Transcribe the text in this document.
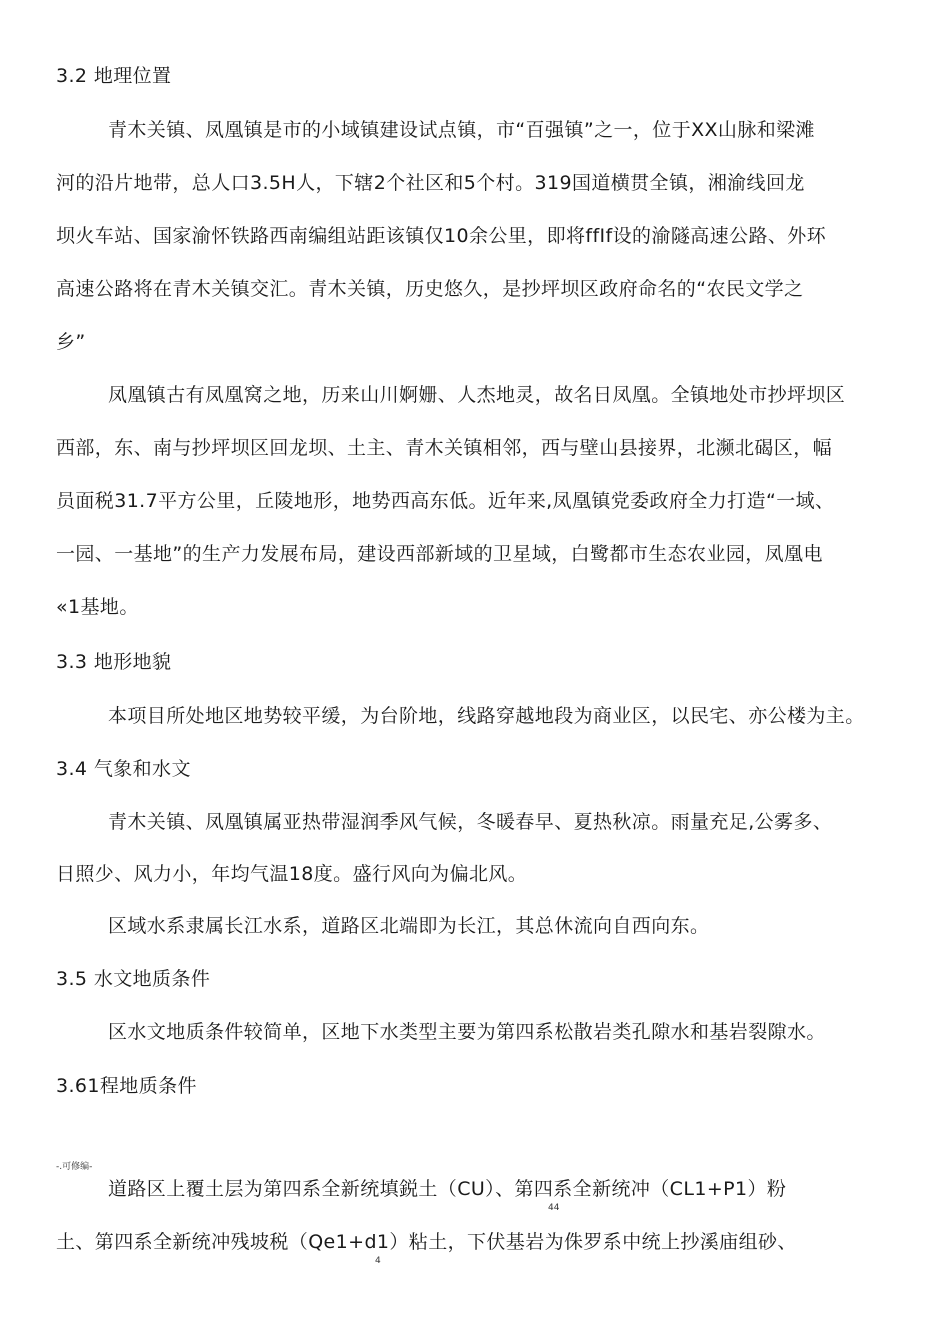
3.2 地理位置
青木关镇、凤凰镇是市的小域镇建设试点镇，市“百强镇”之一，位于XX山脉和梁滩
河的沿片地带，总人口3.5H人，下辖2个社区和5个村。319国道横贯全镇，湘渝线回龙
坝火车站、国家渝怀铁路西南编组站距该镇仅10余公里，即将ffIf设的渝隧高速公路、外环
高速公路将在青木关镇交汇。青木关镇，历史悠久，是抄坪坝区政府命名的“农民文学之
乡”
凤凰镇古有凤凰窝之地，历来山川婀姗、人杰地灵，故名日凤凰。全镇地处市抄坪坝区
西部，东、南与抄坪坝区回龙坝、土主、青木关镇相邻，西与壁山县接界，北濒北碣区，幅
员面税31.7平方公里，丘陵地形，地势西高东低。近年来,凤凰镇党委政府全力打造“一域、
一园、一基地”的生产力发展布局，建设西部新域的卫星域，白鹭都市生态农业园，凤凰电
«1基地。
3.3 地形地貌
本项目所处地区地势较平缓，为台阶地，线路穿越地段为商业区，以民宅、亦公楼为主。
3.4 气象和水文
青木关镇、凤凰镇属亚热带湿润季风气候，冬暖春早、夏热秋凉。雨量充足,公雾多、
日照少、风力小，年均气温18度。盛行风向为偏北风。
区域水系隶属长江水系，道路区北端即为长江，其总休流向自西向东。
3.5 水文地质条件
区水文地质条件较简单，区地下水类型主要为第四系松散岩类孔隙水和基岩裂隙水。
3.61程地质条件
-.可修编-
道路区上覆土层为第四系全新统填鋭土（CU）、第四系全新统冲（CL1+P1）粉
44
土、第四系全新统冲残坡税（Qe1+d1）粘土，下伏基岩为侏罗系中统上抄溪庙组砂、
4
